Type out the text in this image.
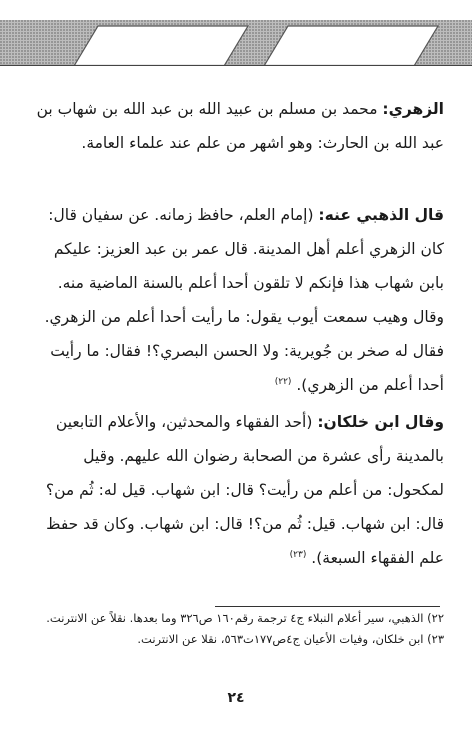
الزهري: محمد بن مسلم بن عبيد الله بن عبد الله بن شهاب بن عبد الله بن الحارث: وهو اشهر من علم عند علماء العامة.

قال الذهبي عنه: (إمام العلم، حافظ زمانه. عن سفيان قال: كان الزهري أعلم أهل المدينة. قال عمر بن عبد العزيز: عليكم بابن شهاب هذا فإنكم لا تلقون أحدا أعلم بالسنة الماضية منه. وقال وهيب سمعت أيوب يقول: ما رأيت أحدا أعلم من الزهري. فقال له صخر بن جُويرية: ولا الحسن البصري؟! فقال: ما رأيت أحدا أعلم من الزهري). $^{(٢٢)}$

وقال ابن خلكان: (أحد الفقهاء والمحدثين، والأعلام التابعين بالمدينة رأى عشرة من الصحابة رضوان الله عليهم. وقيل لمكحول: من أعلم من رأيت؟ قال: ابن شهاب. قيل له: ثُم من؟ قال: ابن شهاب. قيل: ثُم من؟! قال: ابن شهاب. وكان قد حفظ علم الفقهاء السبعة). $^{(٢٣)}$

٢٢) الذهبي، سير أعلام النبلاء ج٤ ترجمة رقم١٦٠ ص٣٢٦ وما بعدها. نقلاً عن الانترنت.

٢٣) ابن خلكان، وفيات الأعيان ج٤ص١٧٧ت٥٦٣، نقلا عن الانترنت.

٢٤
